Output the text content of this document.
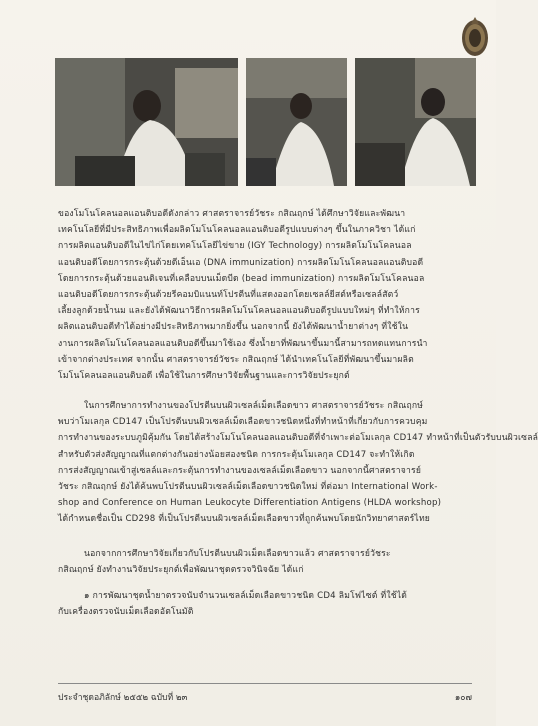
ของโมโนโคลนอลแอนติบอดีดังกล่าว ศาสตราจารย์วัชระ กสิณฤกษ์ ได้ศึกษาวิจัยและพัฒนา
เทคโนโลยีที่มีประสิทธิภาพเพื่อผลิตโมโนโคลนอลแอนติบอดีรูปแบบต่างๆ ขึ้นในภาควิชา ได้แก่
การผลิตแอนติบอดีในไข่ไก่โดยเทคโนโลยีไข่ขาย (IGY Technology) การผลิตโมโนโคลนอล
แอนติบอดีโดยการกระตุ้นด้วยดีเอ็นเอ (DNA immunization) การผลิตโมโนโคลนอลแอนติบอดี
โดยการกระตุ้นด้วยแอนติเจนที่เคลือบบนเม็ดบีด (bead immunization) การผลิตโมโนโคลนอล
แอนติบอดีโดยการกระตุ้นด้วยรีคอมบิแนนท์โปรตีนที่แสดงออกโดยเซลล์ยีสต์หรือเซลล์สัตว์
เลี้ยงลูกด้วยน้ำนม และยังได้พัฒนาวิธีการผลิตโมโนโคลนอลแอนติบอดีรูปแบบใหม่ๆ ที่ทำให้การ
ผลิตแอนติบอดีทำได้อย่างมีประสิทธิภาพมากยิ่งขึ้น นอกจากนี้ ยังได้พัฒนาน้ำยาต่างๆ ที่ใช้ใน
งานการผลิตโมโนโคลนอลแอนติบอดีขึ้นมาใช้เอง ซึ่งน้ำยาที่พัฒนาขึ้นมานี้สามารถทดแทนการนำ
เข้าจากต่างประเทศ จากนั้น ศาสตราจารย์วัชระ กสิณฤกษ์ ได้นำเทคโนโลยีที่พัฒนาขึ้นมาผลิต
โมโนโคลนอลแอนติบอดี เพื่อใช้ในการศึกษาวิจัยพื้นฐานและการวิจัยประยุกต์
ในการศึกษาการทำงานของโปรตีนบนผิวเซลล์เม็ดเลือดขาว ศาสตราจารย์วัชระ กสิณฤกษ์
พบว่าโมเลกุล CD147 เป็นโปรตีนบนผิวเซลล์เม็ดเลือดขาวชนิดหนึ่งที่ทำหน้าที่เกี่ยวกับการควบคุม
การทำงานของระบบภูมิคุ้มกัน โดยได้สร้างโมโนโคลนอลแอนติบอดีที่จำเพาะต่อโมเลกุล CD147 ทำหน้าที่เป็นตัวรับบนผิวเซลล์
สำหรับตัวส่งสัญญาณที่แตกต่างกันอย่างน้อยสองชนิด การกระตุ้นโมเลกุล CD147 จะทำให้เกิด
การส่งสัญญาณเข้าสู่เซลล์และกระตุ้นการทำงานของเซลล์เม็ดเลือดขาว นอกจากนี้ศาสตราจารย์
วัชระ กสิณฤกษ์ ยังได้ค้นพบโปรตีนบนผิวเซลล์เม็ดเลือดขาวชนิดใหม่ ที่ต่อมา International Work-
shop and Conference on Human Leukocyte Differentiation Antigens (HLDA workshop)
ได้กำหนดชื่อเป็น CD298 ที่เป็นโปรตีนบนผิวเซลล์เม็ดเลือดขาวที่ถูกค้นพบโดยนักวิทยาศาสตร์ไทย
นอกจากการศึกษาวิจัยเกี่ยวกับโปรตีนบนผิวเม็ดเลือดขาวแล้ว ศาสตราจารย์วัชระ
กสิณฤกษ์ ยังทำงานวิจัยประยุกต์เพื่อพัฒนาชุดตรวจวินิจฉัย ได้แก่
๑ การพัฒนาชุดน้ำยาตรวจนับจำนวนเซลล์เม็ดเลือดขาวชนิด CD4 ลิมโฟไซต์ ที่ใช้ได้
กับเครื่องตรวจนับเม็ดเลือดอัตโนมัติ
ประจำชุดอภิลักษ์ ๒๕๕๒ ฉบับที่ ๒๓	๑๐๗
